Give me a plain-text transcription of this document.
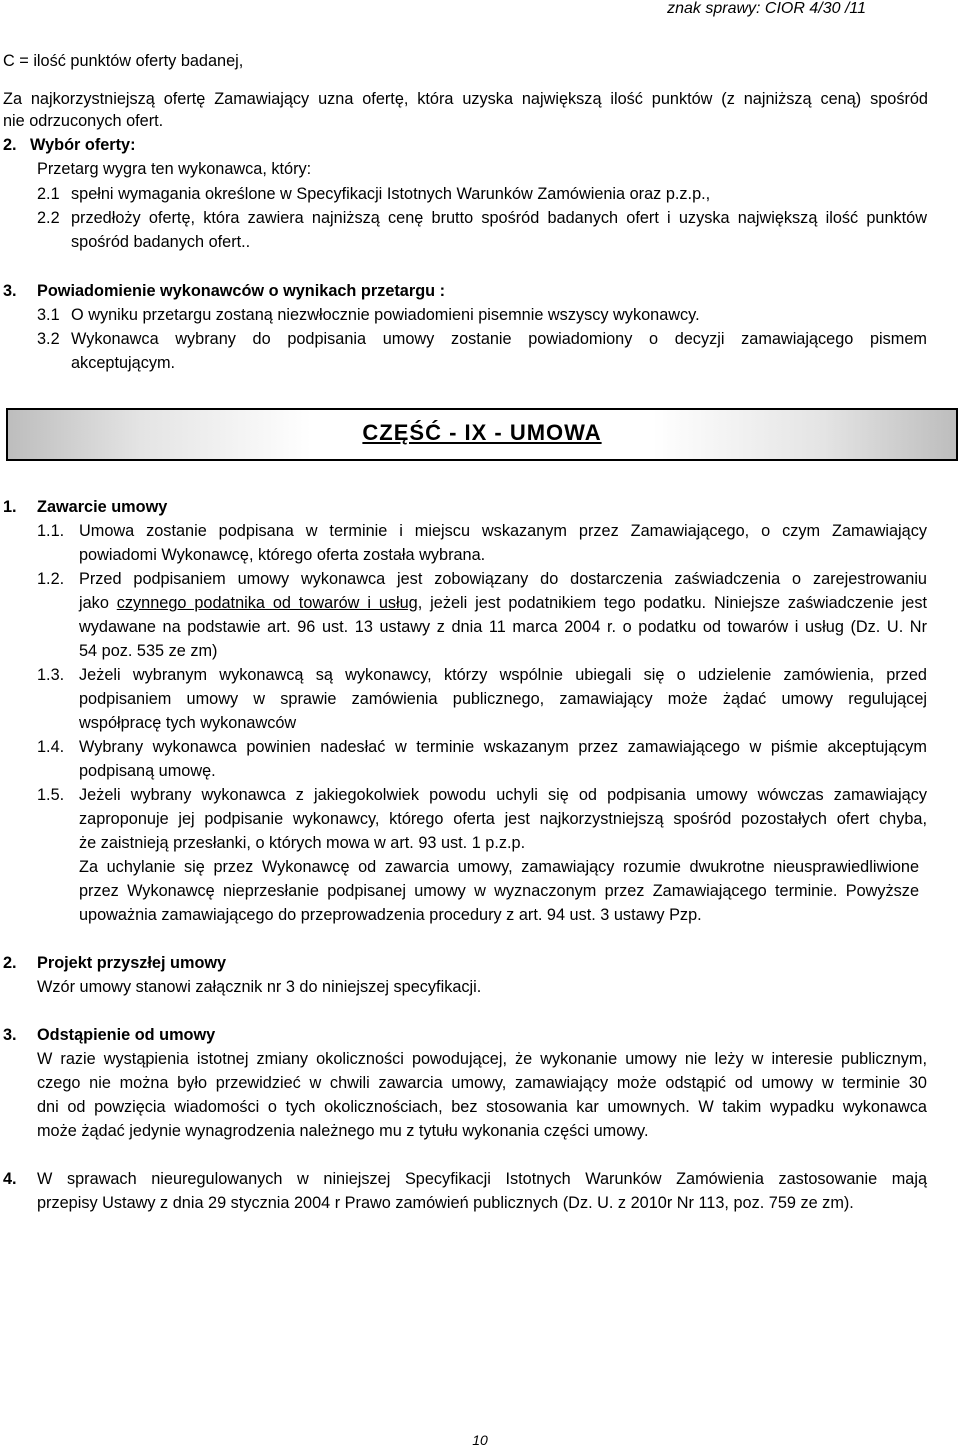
znak sprawy: CIOR 4/30 /11
C = ilość punktów oferty badanej,
Za najkorzystniejszą ofertę Zamawiający uzna ofertę, która uzyska największą ilość punktów (z najniższą ceną) spośród
nie odrzuconych ofert.
2. Wybór oferty:
Przetarg wygra ten wykonawca, który:
2.1 spełni wymagania określone w Specyfikacji Istotnych Warunków Zamówienia oraz p.z.p.,
2.2 przedłoży ofertę, która zawiera najniższą cenę brutto spośród badanych ofert i uzyska największą ilość punktów
spośród badanych ofert..
3. Powiadomienie wykonawców o wynikach przetargu :
3.1 O wyniku przetargu zostaną niezwłocznie powiadomieni pisemnie wszyscy wykonawcy.
3.2 Wykonawca wybrany do podpisania umowy zostanie powiadomiony o decyzji zamawiającego pismem
akceptującym.
CZĘŚĆ - IX - UMOWA
1. Zawarcie umowy
1.1. Umowa zostanie podpisana w terminie i miejscu wskazanym przez Zamawiającego, o czym Zamawiający
powiadomi Wykonawcę, którego oferta została wybrana.
1.2. Przed podpisaniem umowy wykonawca jest zobowiązany do dostarczenia zaświadczenia o zarejestrowaniu
jako czynnego podatnika od towarów i usług, jeżeli jest podatnikiem tego podatku. Niniejsze zaświadczenie jest
wydawane na podstawie art. 96 ust. 13 ustawy z dnia 11 marca 2004 r. o podatku od towarów i usług (Dz. U. Nr
54 poz. 535 ze zm)
1.3. Jeżeli wybranym wykonawcą są wykonawcy, którzy wspólnie ubiegali się o udzielenie zamówienia, przed
podpisaniem umowy w sprawie zamówienia publicznego, zamawiający może żądać umowy regulującej
współpracę tych wykonawców
1.4. Wybrany wykonawca powinien nadesłać w terminie wskazanym przez zamawiającego w piśmie akceptującym
podpisaną umowę.
1.5. Jeżeli wybrany wykonawca z jakiegokolwiek powodu uchyli się od podpisania umowy wówczas zamawiający
zaproponuje jej podpisanie wykonawcy, którego oferta jest najkorzystniejszą spośród pozostałych ofert chyba,
że zaistnieją przesłanki, o których mowa w art. 93 ust. 1 p.z.p.
Za uchylanie się przez Wykonawcę od zawarcia umowy, zamawiający rozumie dwukrotne nieusprawiedliwione
przez Wykonawcę nieprzesłanie podpisanej umowy w wyznaczonym przez Zamawiającego terminie. Powyższe
upoważnia zamawiającego do przeprowadzenia procedury z art. 94 ust. 3 ustawy Pzp.
2. Projekt przyszłej umowy
Wzór umowy stanowi załącznik nr 3 do niniejszej specyfikacji.
3. Odstąpienie od umowy
W razie wystąpienia istotnej zmiany okoliczności powodującej, że wykonanie umowy nie leży w interesie publicznym,
czego nie można było przewidzieć w chwili zawarcia umowy, zamawiający może odstąpić od umowy w terminie 30
dni od powzięcia wiadomości o tych okolicznościach, bez stosowania kar umownych. W takim wypadku wykonawca
może żądać jedynie wynagrodzenia należnego mu z tytułu wykonania części umowy.
4. W sprawach nieuregulowanych w niniejszej Specyfikacji Istotnych Warunków Zamówienia zastosowanie mają
przepisy Ustawy z dnia 29 stycznia 2004 r Prawo zamówień publicznych (Dz. U. z 2010r Nr 113, poz. 759 ze zm).
10
